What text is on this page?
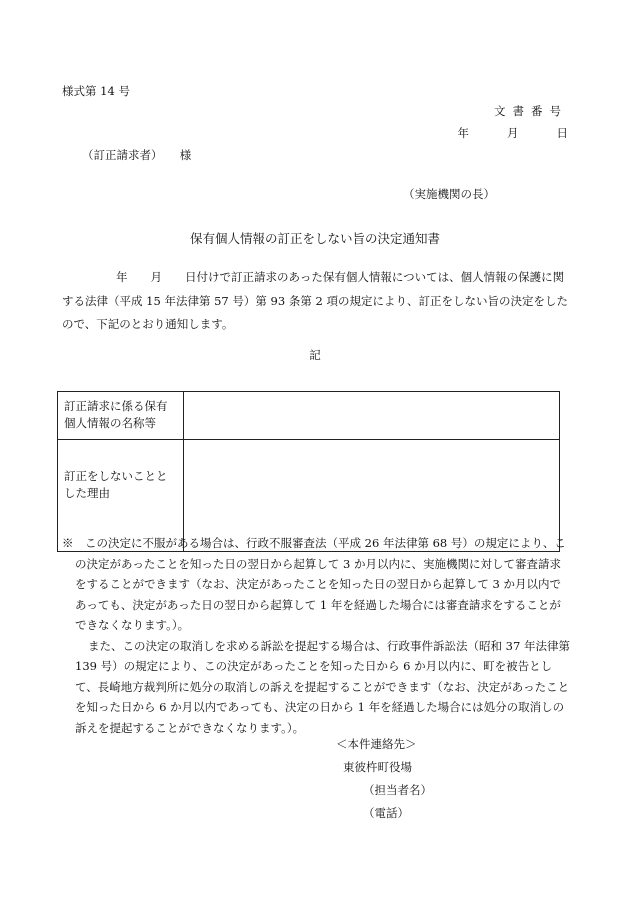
様式第 14 号
文書番号
年	月	日
（訂正請求者）　　様
（実施機関の長）
保有個人情報の訂正をしない旨の決定通知書
年　　月　　日付けで訂正請求のあった保有個人情報については、個人情報の保護に関する法律（平成 15 年法律第 57 号）第 93 条第 2 項の規定により、訂正をしない旨の決定をしたので、下記のとおり通知します。
記
訂正請求に係る保有個人情報の名称等	
訂正をしないこととした理由	

※　この決定に不服がある場合は、行政不服審査法（平成 26 年法律第 68 号）の規定により、この決定があったことを知った日の翌日から起算して 3 か月以内に、実施機関に対して審査請求をすることができます（なお、決定があったことを知った日の翌日から起算して 3 か月以内であっても、決定があった日の翌日から起算して 1 年を経過した場合には審査請求をすることができなくなります。）。

また、この決定の取消しを求める訴訟を提起する場合は、行政事件訴訟法（昭和 37 年法律第 139 号）の規定により、この決定があったことを知った日から 6 か月以内に、町を被告として、長崎地方裁判所に処分の取消しの訴えを提起することができます（なお、決定があったことを知った日から 6 か月以内であっても、決定の日から 1 年を経過した場合には処分の取消しの訴えを提起することができなくなります。）。

＜本件連絡先＞
東彼杵町役場
（担当者名）
（電話）
